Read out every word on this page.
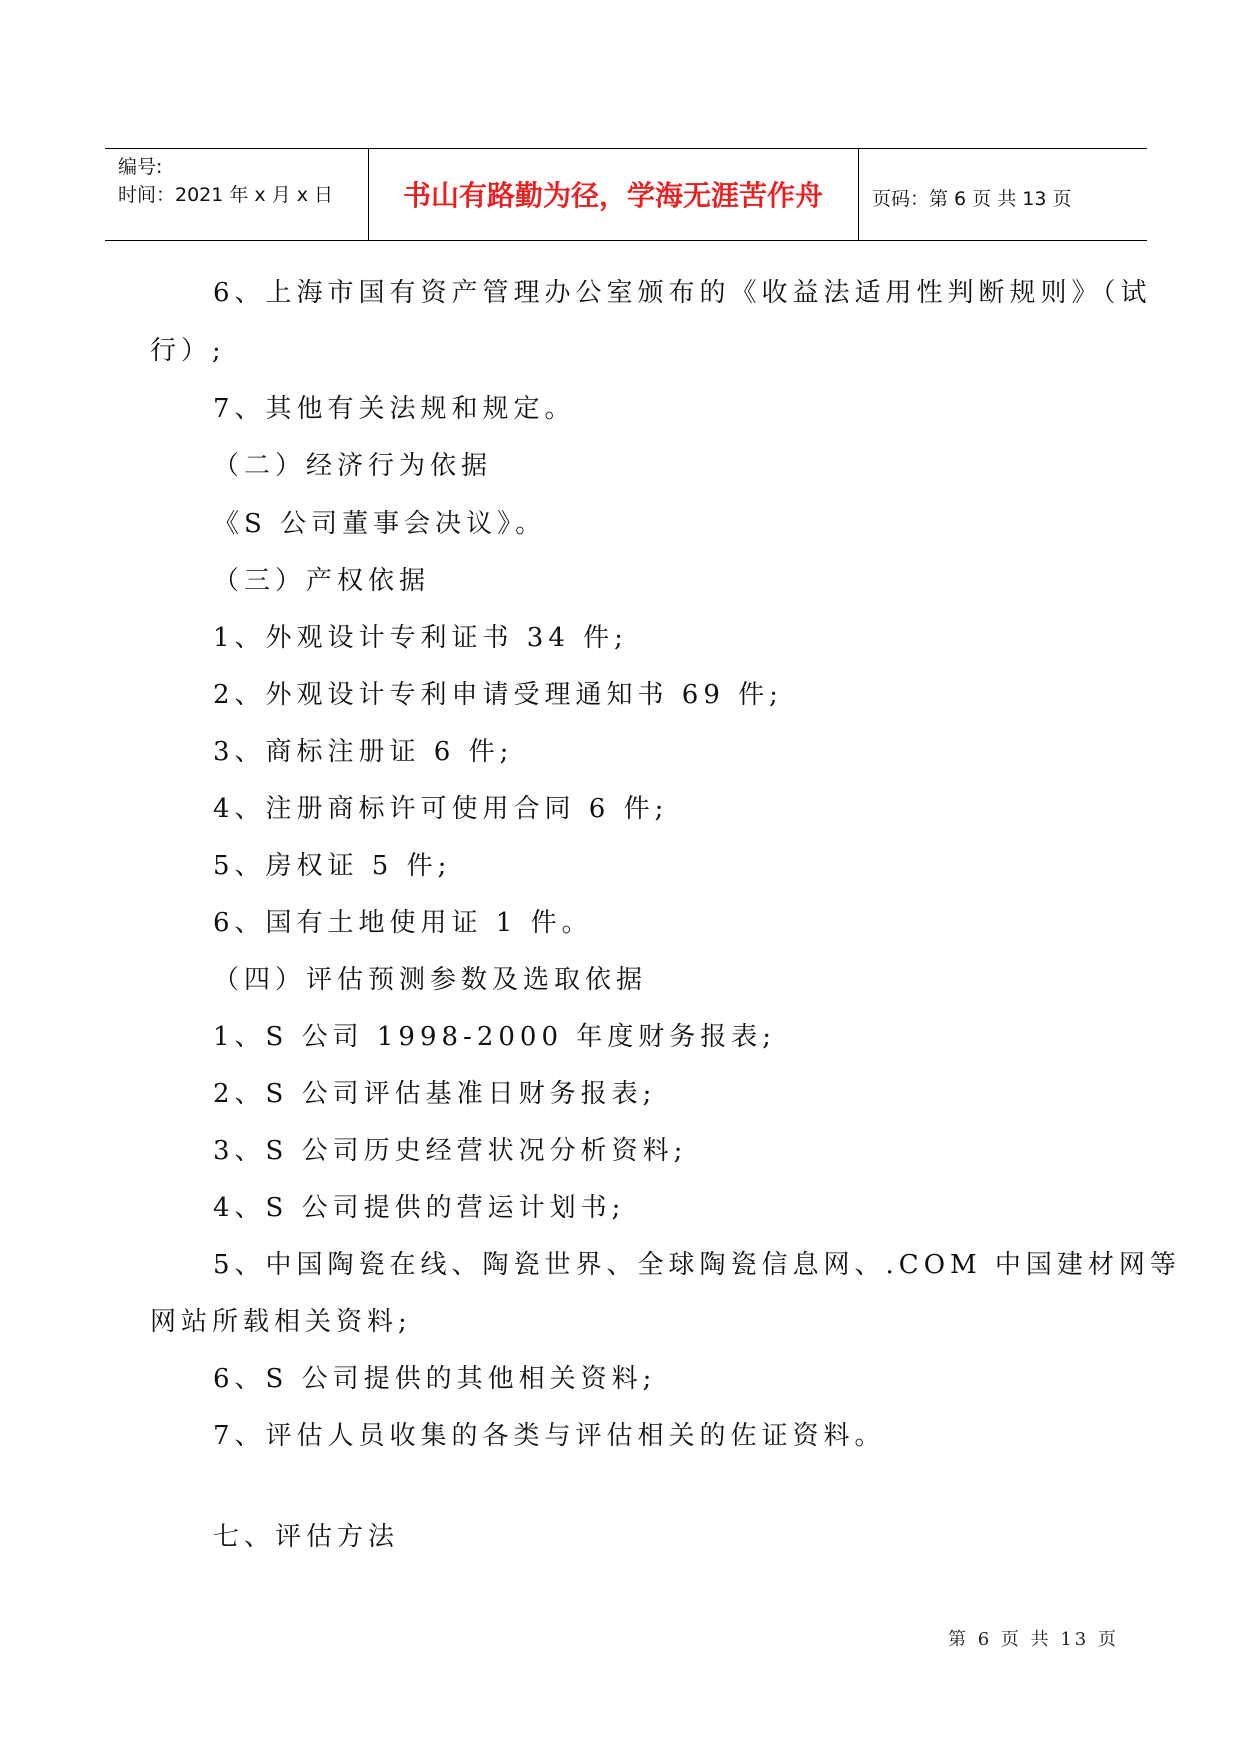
编号:
时间：2021 年 x 月 x 日	书山有路勤为径，学海无涯苦作舟	页码：第 6 页 共 13 页
6、上海市国有资产管理办公室颁布的《收益法适用性判断规则》（试
行）;
7、其他有关法规和规定。
（二）经济行为依据
《S 公司董事会决议》。
（三）产权依据
1、外观设计专利证书 34 件;
2、外观设计专利申请受理通知书 69 件;
3、商标注册证 6 件;
4、注册商标许可使用合同 6 件;
5、房权证 5 件;
6、国有土地使用证 1 件。
（四）评估预测参数及选取依据
1、S 公司 1998-2000 年度财务报表;
2、S 公司评估基准日财务报表;
3、S 公司历史经营状况分析资料;
4、S 公司提供的营运计划书;
5、中国陶瓷在线、陶瓷世界、全球陶瓷信息网、.COM 中国建材网等
网站所载相关资料;
6、S 公司提供的其他相关资料;
7、评估人员收集的各类与评估相关的佐证资料。
七、评估方法
第 6 页 共 13 页
